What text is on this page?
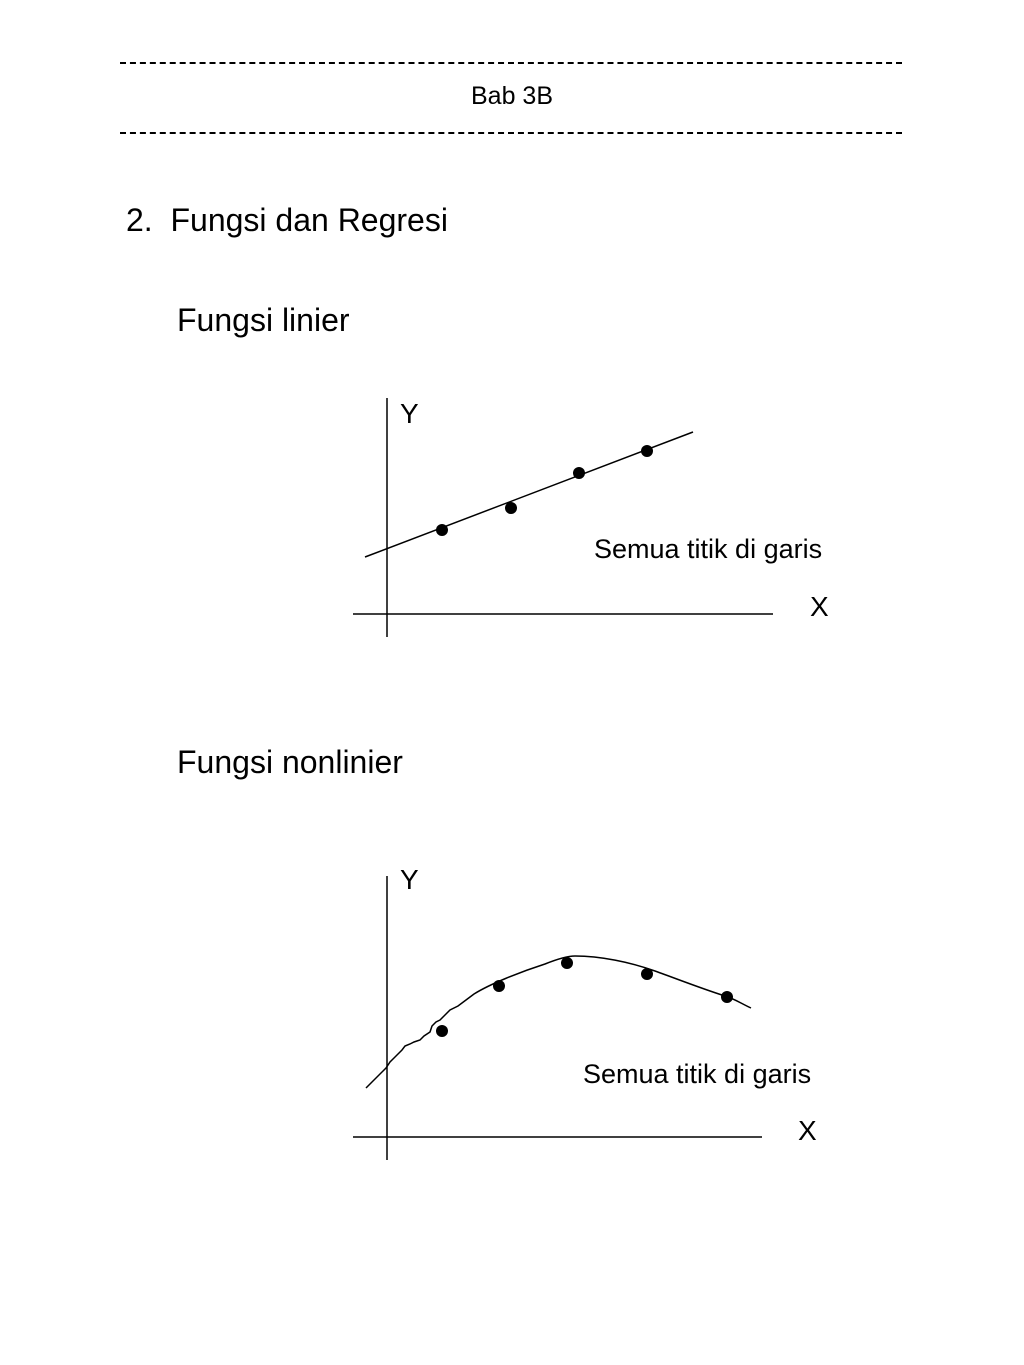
Bab 3B
2. Fungsi dan Regresi
Fungsi linier
Y
X
Semua titik di garis
Fungsi nonlinier
Y
X
Semua titik di garis
